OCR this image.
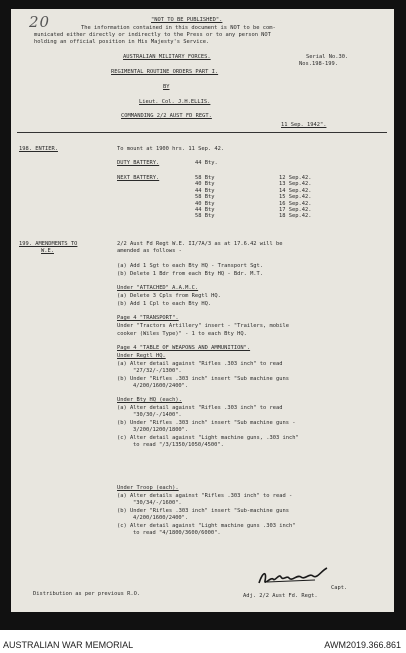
20	"NOT TO BE PUBLISHED".
The information contained in this document is NOT to be com-
municated either directly or indirectly to the Press or to any person NOT
holding an official position in His Majesty's Service.
AUSTRALIAN MILITARY FORCES.	Serial No.30.
Nos.198-199.
REGIMENTAL ROUTINE ORDERS PART I.
BY
Lieut. Col. J.H.ELLIS.
COMMANDING 2/2 AUST FD REGT.
11 Sep. 1942".
198. ENTIER.	To mount at 1900 hrs. 11 Sep. 42.
DUTY BATTERY.	44 Bty.
NEXT BATTERY.	58 Bty	12 Sep.42.
40 Bty	13 Sep.42.
44 Bty	14 Sep.42.
58 Bty	15 Sep.42.
40 Bty	16 Sep.42.
44 Bty	17 Sep.42.
58 Bty	18 Sep.42.
199. AMENDMENTS TO
W.E.
2/2 Aust Fd Regt W.E. II/7A/3 as at 17.6.42 will be
amended as follows -
(a) Add 1 Sgt to each Bty HQ - Transport Sgt.
(b) Delete 1 Bdr from each Bty HQ - Bdr. M.T.
Under "ATTACHED" A.A.M.C.
(a) Delete 3 Cpls from Regtl HQ.
(b) Add 1 Cpl to each Bty HQ.
Page 4 "TRANSPORT".
Under "Tractors Artillery" insert - "Trailers, mobile
cooker (Wiles Type)" - 1 to each Bty HQ.
Page 4 "TABLE OF WEAPONS AND AMMUNITION".
Under Regtl HQ.
(a) Alter detail against "Rifles .303 inch" to read
"27/32/-/1300".
(b) Under "Rifles .303 inch" insert "Sub machine guns
4/200/1600/2400".
Under Bty HQ (each).
(a) Alter detail against "Rifles .303 inch" to read
"30/30/-/1400".
(b) Under "Rifles .303 inch" insert "Sub machine guns -
3/200/1200/1800".
(c) Alter detail against "Light machine guns, .303 inch"
to read "/3/1350/1050/4500".
Under Troop (each).
(a) Alter details against "Rifles .303 inch" to read -
"30/34/-/1600".
(b) Under "Rifles .303 inch" insert "Sub-machine guns
4/200/1600/2400".
(c) Alter detail against "Light machine guns .303 inch"
to read "4/1800/3600/6000".
Capt.
Distribution as per previous R.O.	Adj. 2/2 Aust Fd. Regt.
AUSTRALIAN WAR MEMORIAL	AWM2019.366.861
